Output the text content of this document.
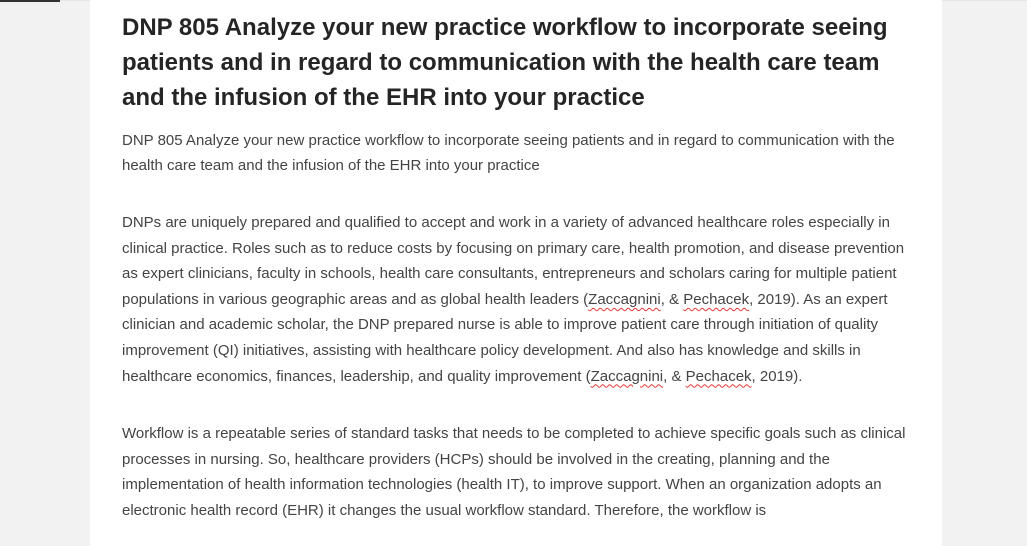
DNP 805 Analyze your new practice workflow to incorporate seeing patients and in regard to communication with the health care team and the infusion of the EHR into your practice

DNP 805 Analyze your new practice workflow to incorporate seeing patients and in regard to communication with the health care team and the infusion of the EHR into your practice

DNPs are uniquely prepared and qualified to accept and work in a variety of advanced healthcare roles especially in clinical practice. Roles such as to reduce costs by focusing on primary care, health promotion, and disease prevention as expert clinicians, faculty in schools, health care consultants, entrepreneurs and scholars caring for multiple patient populations in various geographic areas and as global health leaders (Zaccagnini, & Pechacek, 2019). As an expert clinician and academic scholar, the DNP prepared nurse is able to improve patient care through initiation of quality improvement (QI) initiatives, assisting with healthcare policy development. And also has knowledge and skills in healthcare economics, finances, leadership, and quality improvement (Zaccagnini, & Pechacek, 2019).

Workflow is a repeatable series of standard tasks that needs to be completed to achieve specific goals such as clinical processes in nursing. So, healthcare providers (HCPs) should be involved in the creating, planning and the implementation of health information technologies (health IT), to improve support. When an organization adopts an electronic health record (EHR) it changes the usual workflow standard. Therefore, the workflow is
